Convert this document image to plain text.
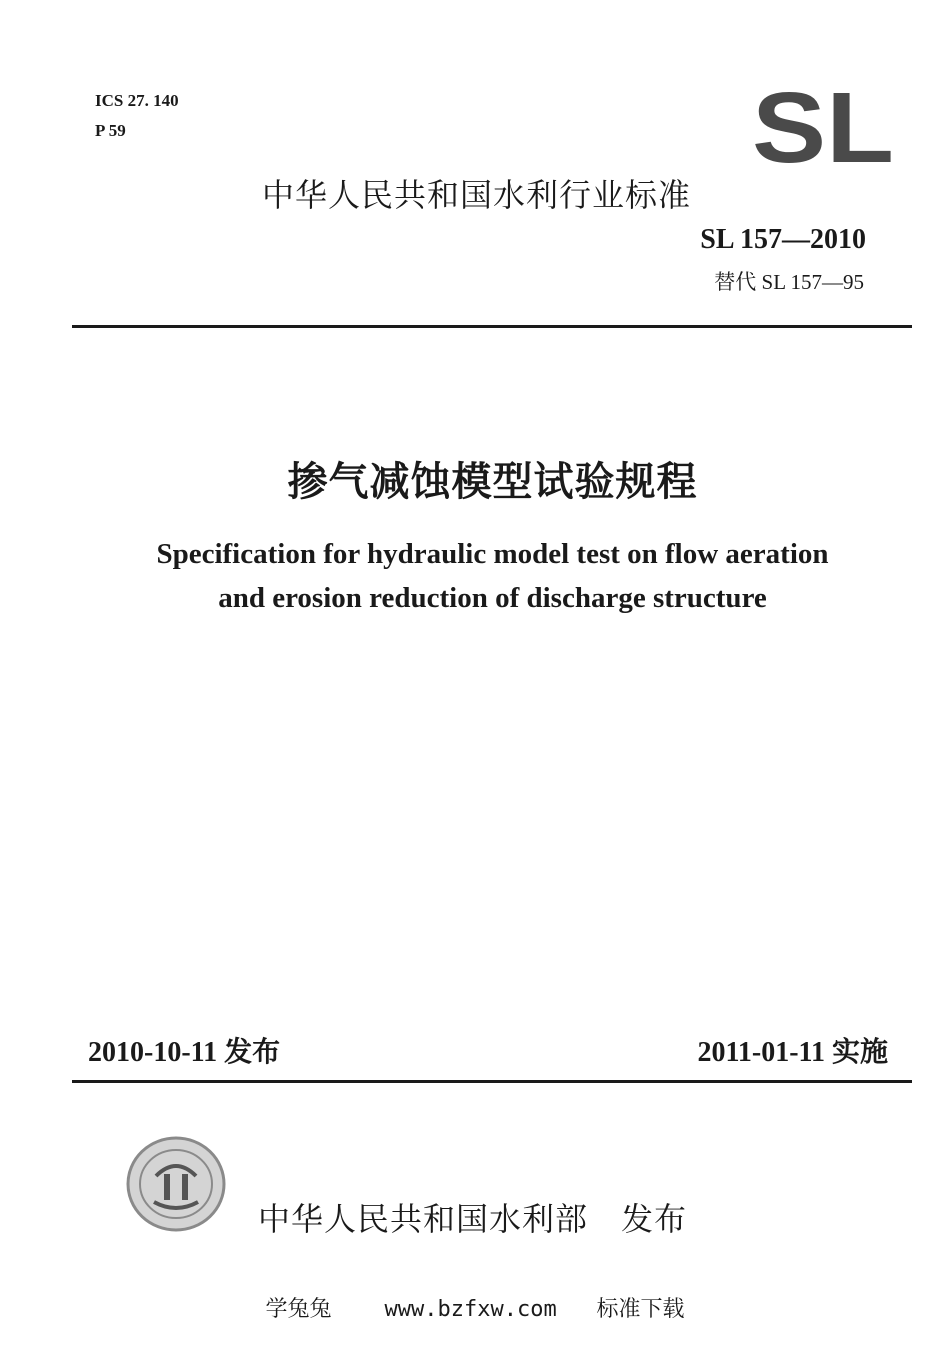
ICS 27. 140
P 59	SL
中华人民共和国水利行业标准
SL 157—2010
替代 SL 157—95
掺气减蚀模型试验规程
Specification for hydraulic model test on flow aeration
and erosion reduction of discharge structure
2010-10-11 发布	2011-01-11 实施
中华人民共和国水利部　发布
学兔兔    www.bzfxw.com   标准下载
